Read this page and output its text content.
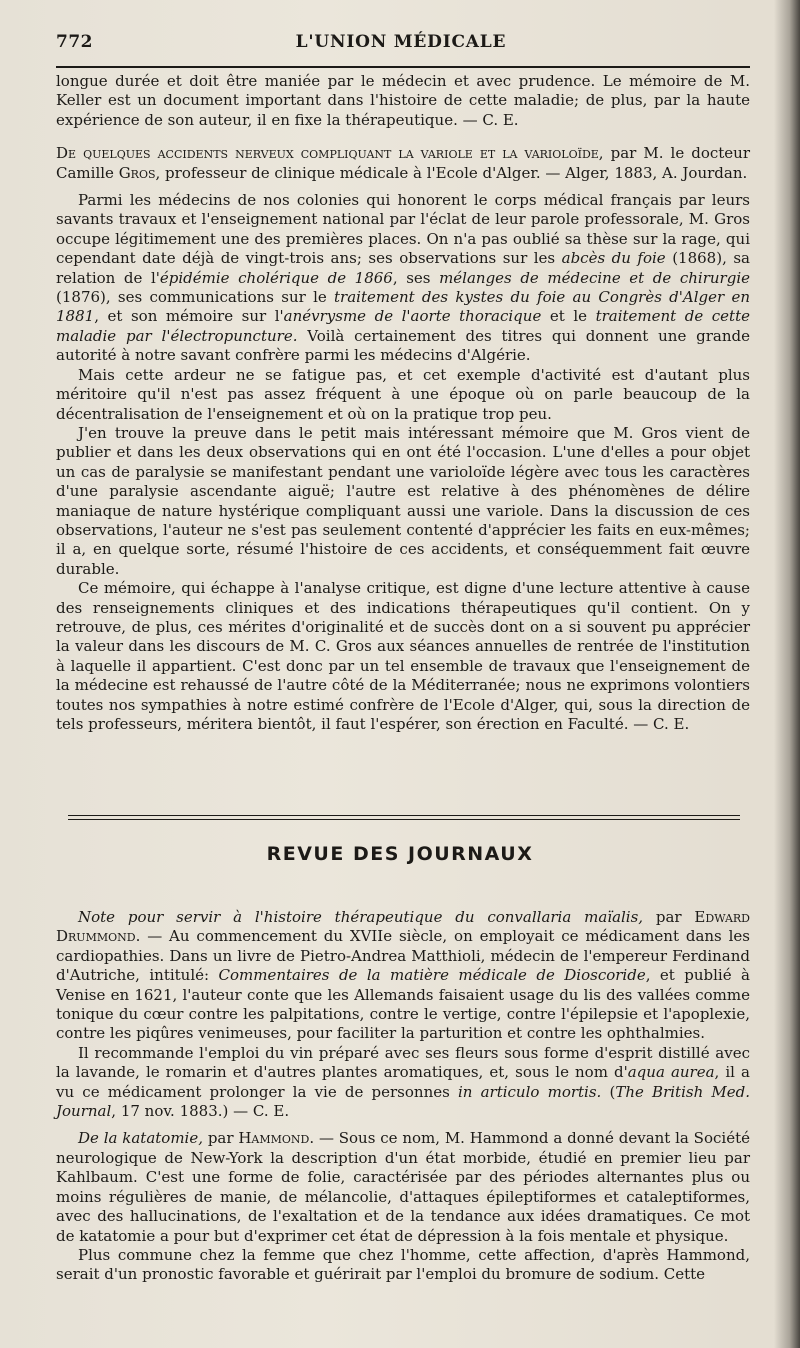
772	L'UNION MÉDICALE

longue durée et doit être maniée par le médecin et avec prudence. Le mémoire de M. Keller est un document important dans l'histoire de cette maladie; de plus, par la haute expérience de son auteur, il en fixe la thérapeutique. — C. E.

De quelques accidents nerveux compliquant la variole et la varioloïde, par M. le docteur Camille Gros, professeur de clinique médicale à l'Ecole d'Alger. — Alger, 1883, A. Jourdan.

Parmi les médecins de nos colonies qui honorent le corps médical français par leurs savants travaux et l'enseignement national par l'éclat de leur parole professorale, M. Gros occupe légitimement une des premières places. On n'a pas oublié sa thèse sur la rage, qui cependant date déjà de vingt-trois ans; ses observations sur les abcès du foie (1868), sa relation de l'épidémie cholérique de 1866, ses mélanges de médecine et de chirurgie (1876), ses communications sur le traitement des kystes du foie au Congrès d'Alger en 1881, et son mémoire sur l'anévrysme de l'aorte thoracique et le traitement de cette maladie par l'électropuncture. Voilà certainement des titres qui donnent une grande autorité à notre savant confrère parmi les médecins d'Algérie.

Mais cette ardeur ne se fatigue pas, et cet exemple d'activité est d'autant plus méritoire qu'il n'est pas assez fréquent à une époque où on parle beaucoup de la décentralisation de l'enseignement et où on la pratique trop peu.

J'en trouve la preuve dans le petit mais intéressant mémoire que M. Gros vient de publier et dans les deux observations qui en ont été l'occasion. L'une d'elles a pour objet un cas de paralysie se manifestant pendant une varioloïde légère avec tous les caractères d'une paralysie ascendante aiguë; l'autre est relative à des phénomènes de délire maniaque de nature hystérique compliquant aussi une variole. Dans la discussion de ces observations, l'auteur ne s'est pas seulement contenté d'apprécier les faits en eux-mêmes; il a, en quelque sorte, résumé l'histoire de ces accidents, et conséquemment fait œuvre durable.

Ce mémoire, qui échappe à l'analyse critique, est digne d'une lecture attentive à cause des renseignements cliniques et des indications thérapeutiques qu'il contient. On y retrouve, de plus, ces mérites d'originalité et de succès dont on a si souvent pu apprécier la valeur dans les discours de M. C. Gros aux séances annuelles de rentrée de l'institution à laquelle il appartient. C'est donc par un tel ensemble de travaux que l'enseignement de la médecine est rehaussé de l'autre côté de la Méditerranée; nous ne exprimons volontiers toutes nos sympathies à notre estimé confrère de l'Ecole d'Alger, qui, sous la direction de tels professeurs, méritera bientôt, il faut l'espérer, son érection en Faculté. — C. E.

REVUE DES JOURNAUX

Note pour servir à l'histoire thérapeutique du convallaria maïalis, par Edward Drummond. — Au commencement du XVIIe siècle, on employait ce médicament dans les cardiopathies. Dans un livre de Pietro-Andrea Matthioli, médecin de l'empereur Ferdinand d'Autriche, intitulé: Commentaires de la matière médicale de Dioscoride, et publié à Venise en 1621, l'auteur conte que les Allemands faisaient usage du lis des vallées comme tonique du cœur contre les palpitations, contre le vertige, contre l'épilepsie et l'apoplexie, contre les piqûres venimeuses, pour faciliter la parturition et contre les ophthalmies.

Il recommande l'emploi du vin préparé avec ses fleurs sous forme d'esprit distillé avec la lavande, le romarin et d'autres plantes aromatiques, et, sous le nom d'aqua aurea, il a vu ce médicament prolonger la vie de personnes in articulo mortis. (The British Med. Journal, 17 nov. 1883.) — C. E.

De la katatomie, par Hammond. — Sous ce nom, M. Hammond a donné devant la Société neurologique de New-York la description d'un état morbide, étudié en premier lieu par Kahlbaum. C'est une forme de folie, caractérisée par des périodes alternantes plus ou moins régulières de manie, de mélancolie, d'attaques épileptiformes et cataleptiformes, avec des hallucinations, de l'exaltation et de la tendance aux idées dramatiques. Ce mot de katatomie a pour but d'exprimer cet état de dépression à la fois mentale et physique.

Plus commune chez la femme que chez l'homme, cette affection, d'après Hammond, serait d'un pronostic favorable et guérirait par l'emploi du bromure de sodium. Cette
